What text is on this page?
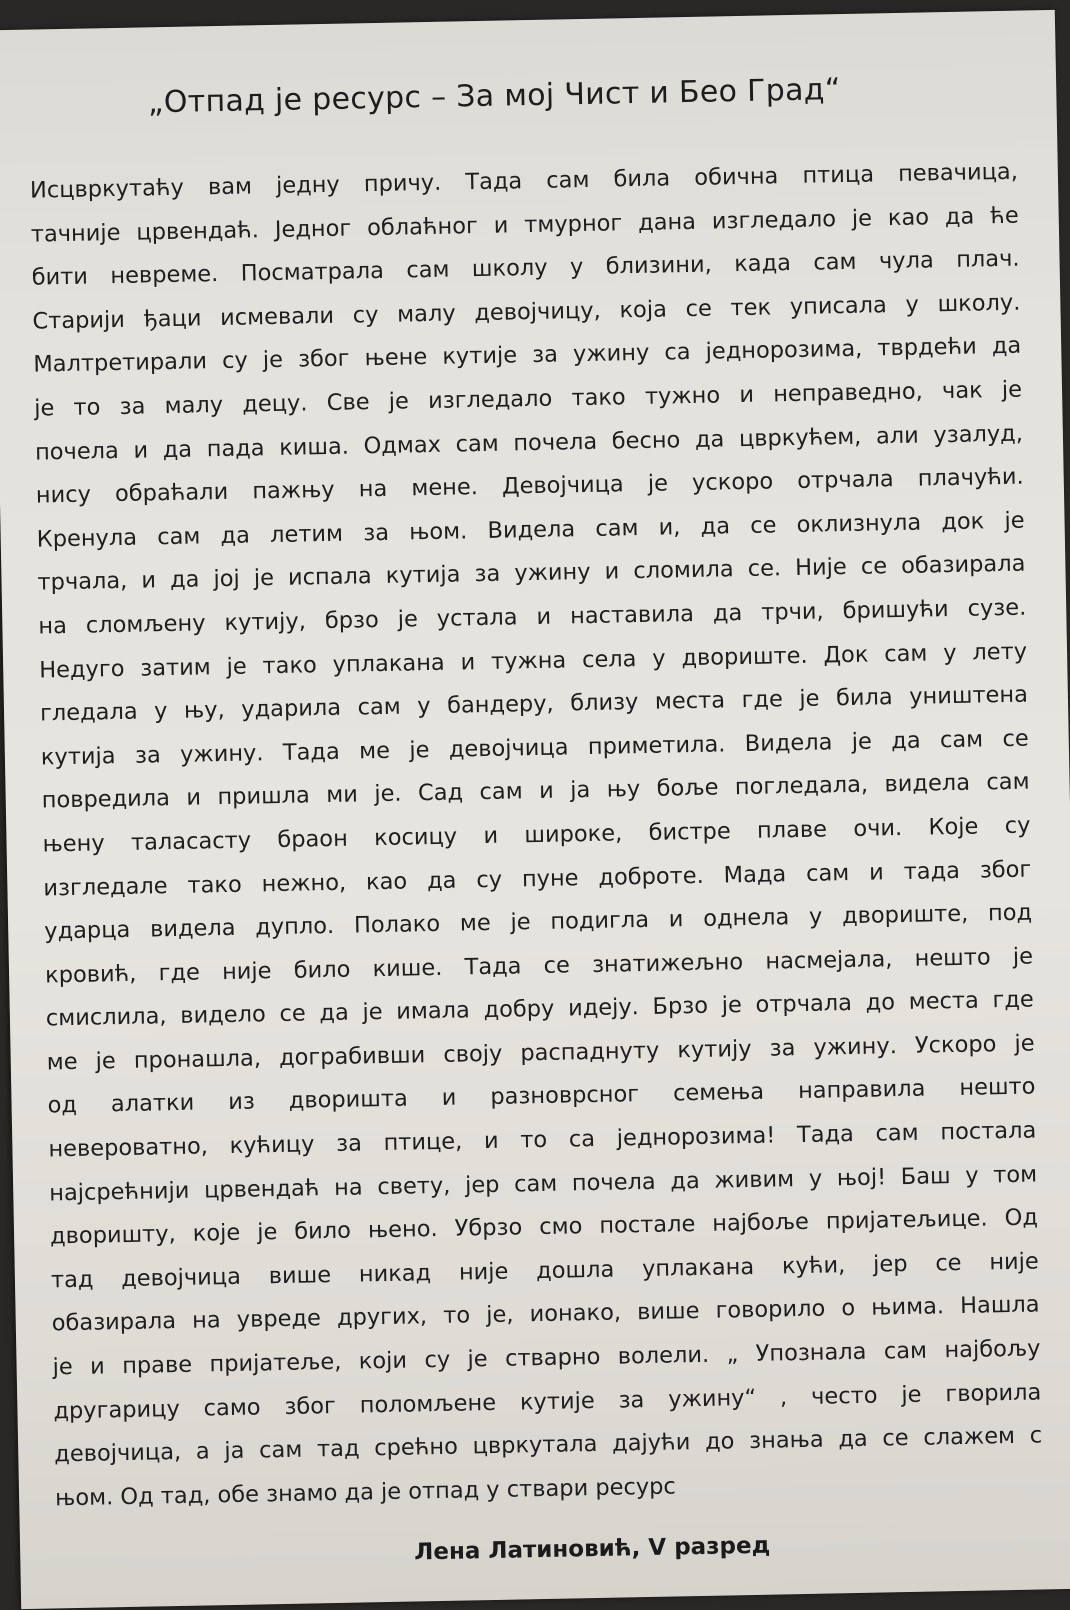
„Отпад је ресурс – За мој Чист и Бео Град“
Исцвркутаћу вам једну причу. Тада сам била обична птица певачица,
тачније црвендаћ. Једног облаћног и тмурног дана изгледало је као да ће
бити невреме. Посматрала сам школу у близини, када сам чула плач.
Старији ђаци исмевали су малу девојчицу, која се тек уписала у школу.
Малтретирали су је због њене кутије за ужину са једнорозима, тврдећи да
је то за малу децу. Све је изгледало тако тужно и неправедно, чак је
почела и да пада киша. Одмах сам почела бесно да цвркућем, али узалуд,
нису обраћали пажњу на мене. Девојчица је ускоро отрчала плачући.
Кренула сам да летим за њом. Видела сам и, да се оклизнула док је
трчала, и да јој је испала кутија за ужину и сломила се. Није се обазирала
на сломљену кутију, брзо је устала и наставила да трчи, бришући сузе.
Недуго затим је тако уплакана и тужна села у двориште. Док сам у лету
гледала у њу, ударила сам у бандеру, близу места где је била уништена
кутија за ужину. Тада ме је девојчица приметила. Видела је да сам се
повредила и пришла ми је. Сад сам и ја њу боље погледала, видела сам
њену таласасту браон косицу и широке, бистре плаве очи. Које су
изгледале тако нежно, као да су пуне доброте. Мада сам и тада због
ударца видела дупло. Полако ме је подигла и однела у двориште, под
кровић, где није било кише. Тада се знатижељно насмејала, нешто је
смислила, видело се да је имала добру идеју. Брзо је отрчала до места где
ме је пронашла, дограбивши своју распаднуту кутију за ужину. Ускоро је
од алатки из дворишта и разноврсног семења направила нешто
невероватно, кућицу за птице, и то са једнорозима! Тада сам постала
најсрећнији црвендаћ на свету, јер сам почела да живим у њој! Баш у том
дворишту, које је било њено. Убрзо смо постале најбоље пријатељице. Од
тад девојчица више никад није дошла уплакана кући, јер се није
обазирала на увреде других, то је, ионако, више говорило о њима. Нашла
је и праве пријатеље, који су је стварно волели. „ Упознала сам најбољу
другарицу само због поломљене кутије за ужину“ , често је гворила
девојчица, а ја сам тад срећно цвркутала дајући до знања да се слажем с
њом. Од тад, обе знамо да је отпад у ствари ресурс
Лена Латиновић, V разред
